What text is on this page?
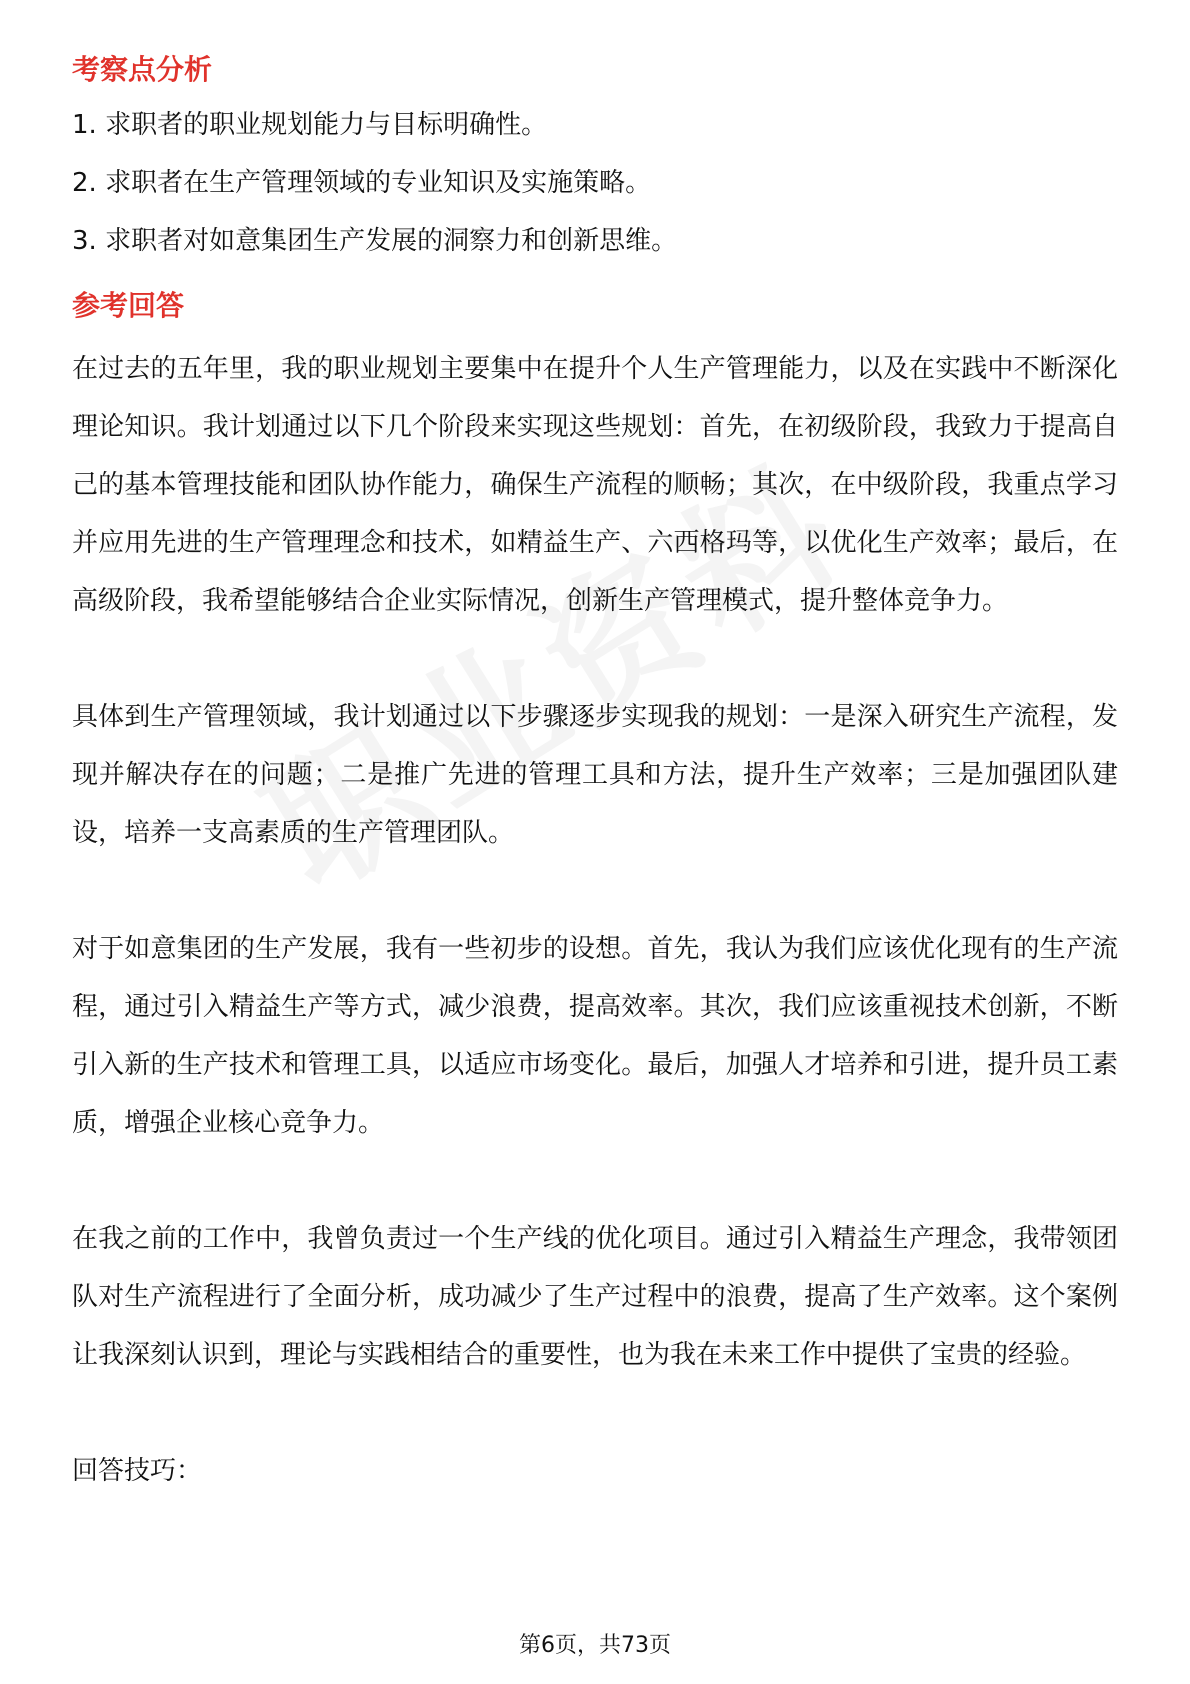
考察点分析

1. 求职者的职业规划能力与目标明确性。

2. 求职者在生产管理领域的专业知识及实施策略。

3. 求职者对如意集团生产发展的洞察力和创新思维。

参考回答

在过去的五年里，我的职业规划主要集中在提升个人生产管理能力，以及在实践中不断深化理论知识。我计划通过以下几个阶段来实现这些规划：首先，在初级阶段，我致力于提高自己的基本管理技能和团队协作能力，确保生产流程的顺畅；其次，在中级阶段，我重点学习并应用先进的生产管理理念和技术，如精益生产、六西格玛等，以优化生产效率；最后，在高级阶段，我希望能够结合企业实际情况，创新生产管理模式，提升整体竞争力。

具体到生产管理领域，我计划通过以下步骤逐步实现我的规划：一是深入研究生产流程，发现并解决存在的问题；二是推广先进的管理工具和方法，提升生产效率；三是加强团队建设，培养一支高素质的生产管理团队。

对于如意集团的生产发展，我有一些初步的设想。首先，我认为我们应该优化现有的生产流程，通过引入精益生产等方式，减少浪费，提高效率。其次，我们应该重视技术创新，不断引入新的生产技术和管理工具，以适应市场变化。最后，加强人才培养和引进，提升员工素质，增强企业核心竞争力。

在我之前的工作中，我曾负责过一个生产线的优化项目。通过引入精益生产理念，我带领团队对生产流程进行了全面分析，成功减少了生产过程中的浪费，提高了生产效率。这个案例让我深刻认识到，理论与实践相结合的重要性，也为我在未来工作中提供了宝贵的经验。

回答技巧：

第6页，共73页
